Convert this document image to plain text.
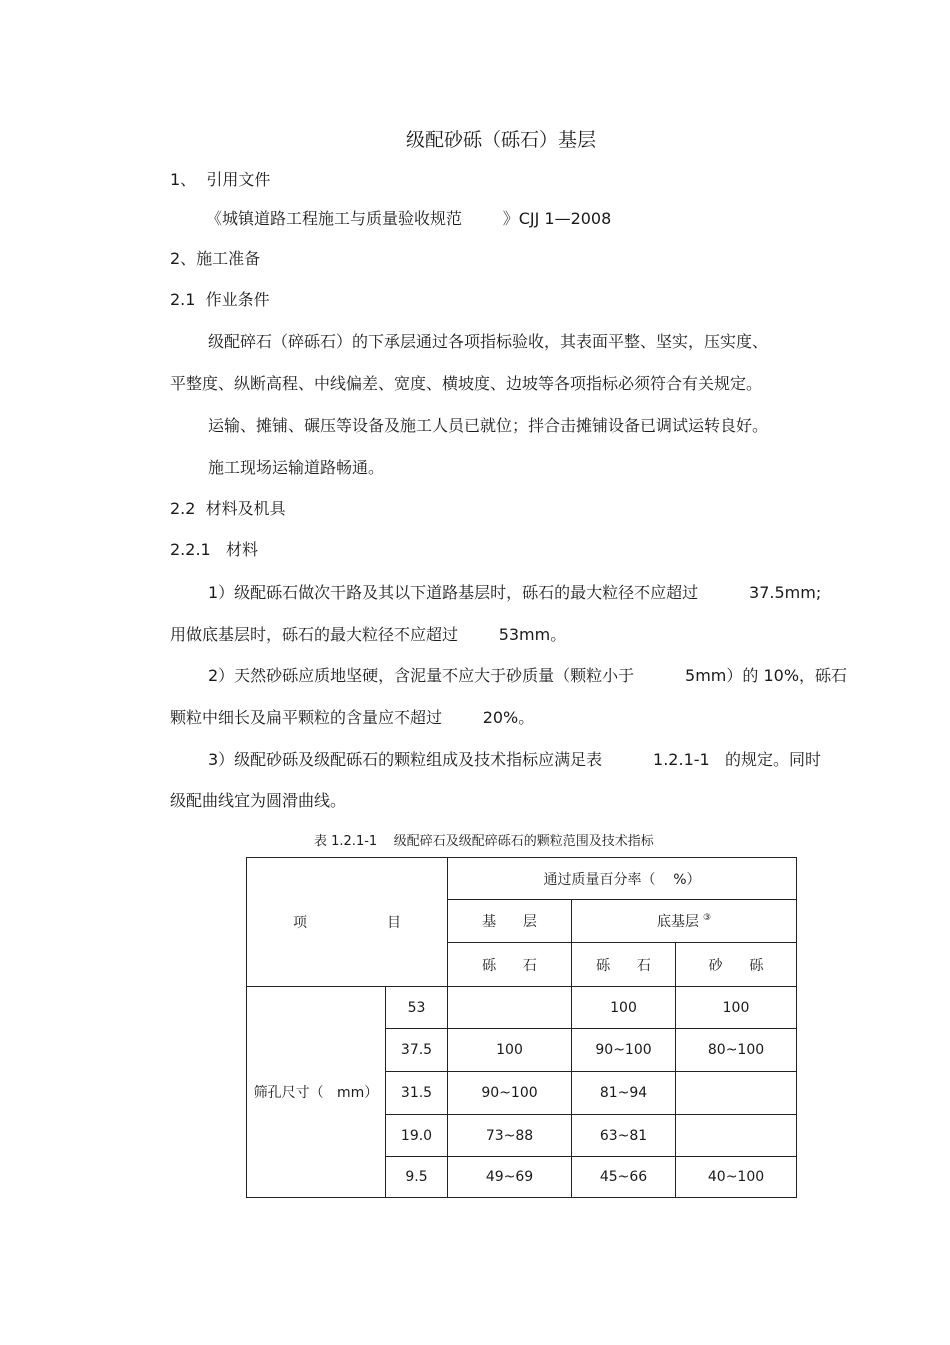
级配砂砾（砾石）基层
1、  引用文件
《城镇道路工程施工与质量验收规范        》CJJ 1—2008
2、施工准备
2.1  作业条件
级配碎石（碎砾石）的下承层通过各项指标验收，其表面平整、坚实，压实度、
平整度、纵断高程、中线偏差、宽度、横坡度、边坡等各项指标必须符合有关规定。
运输、摊铺、碾压等设备及施工人员已就位；拌合击摊铺设备已调试运转良好。
施工现场运输道路畅通。
2.2  材料及机具
2.2.1   材料
1）级配砾石做次干路及其以下道路基层时，砾石的最大粒径不应超过          37.5mm;
用做底基层时，砾石的最大粒径不应超过        53mm。
2）天然砂砾应质地坚硬，含泥量不应大于砂质量（颗粒小于          5mm）的 10%，砾石
颗粒中细长及扁平颗粒的含量应不超过        20%。
3）级配砂砾及级配砾石的颗粒组成及技术指标应满足表          1.2.1-1   的规定。同时
级配曲线宜为圆滑曲线。
表 1.2.1-1    级配碎石及级配碎砾石的颗粒范围及技术指标
项                  目		通过质量百分率（    %）		
		基      层	底基层 ③
		砾      石	砾      石	砂      砾
筛孔尺寸（   mm）	53		100	100
	37.5	100	90~100	80~100
	31.5	90~100	81~94	
	19.0	73~88	63~81	
	9.5	49~69	45~66	40~100
